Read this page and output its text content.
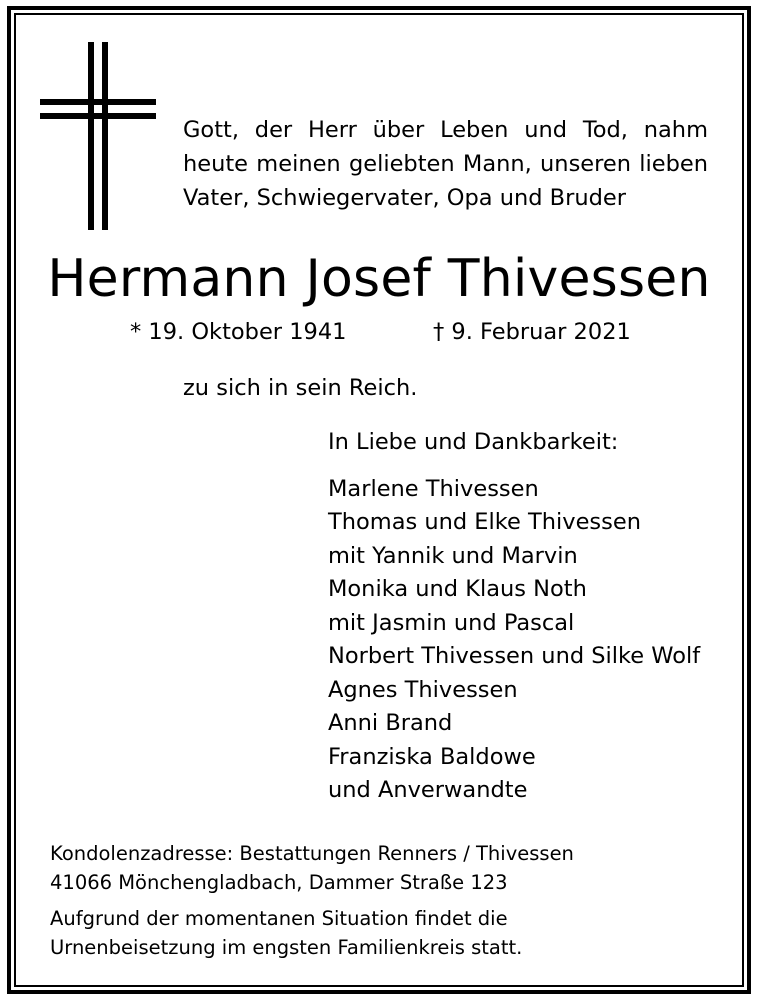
Gott, der Herr über Leben und Tod, nahm
heute meinen geliebten Mann, unseren lieben
Vater, Schwiegervater, Opa und Bruder
Hermann Josef Thivessen
* 19. Oktober 1941	† 9. Februar 2021
zu sich in sein Reich.
In Liebe und Dankbarkeit:
Marlene Thivessen
Thomas und Elke Thivessen
mit Yannik und Marvin
Monika und Klaus Noth
mit Jasmin und Pascal
Norbert Thivessen und Silke Wolf
Agnes Thivessen
Anni Brand
Franziska Baldowe
und Anverwandte
Kondolenzadresse: Bestattungen Renners / Thivessen
41066 Mönchengladbach, Dammer Straße 123
Aufgrund der momentanen Situation findet die
Urnenbeisetzung im engsten Familienkreis statt.
